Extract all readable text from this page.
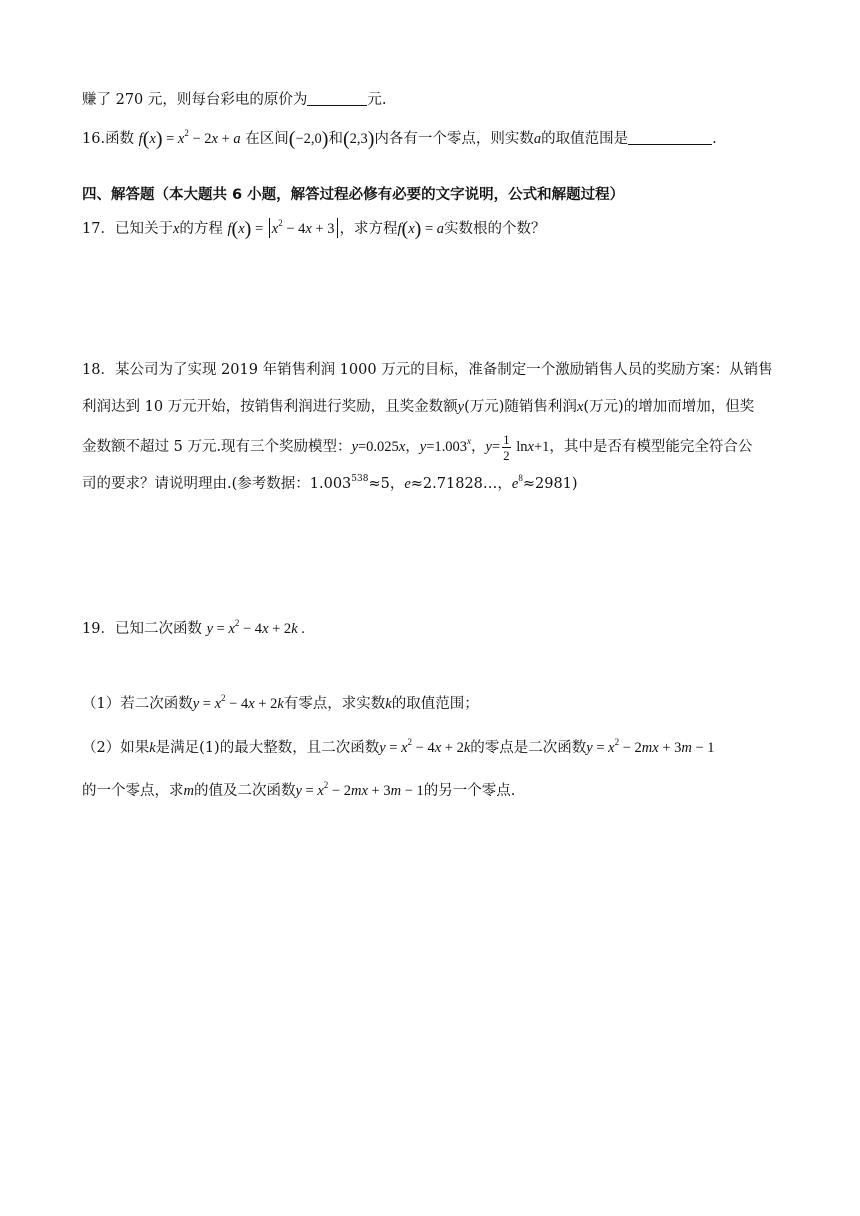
赚了 270 元，则每台彩电的原价为	元.
16.函数 $f(x) = x^2 - 2x + a$ 在区间(−2,0)和(2,3)内各有一个零点，则实数a的取值范围是	.
四、解答题（本大题共 6 小题，解答过程必修有必要的文字说明，公式和解题过程）
17．已知关于x的方程 $f(x) = x^2 - 4x + 3$ ，求方程f(x) = a实数根的个数？
18．某公司为了实现 2019 年销售利润 1000 万元的目标，准备制定一个激励销售人员的奖励方案：从销售
利润达到 10 万元开始，按销售利润进行奖励，且奖金数额y(万元)随销售利润x(万元)的增加而增加，但奖
金数额不超过 5 万元.现有三个奖励模型：y=0.025x，$y=1.003^x$，$y= \frac{1}{2} \ln x+1$，其中是否有模型能完全符合公
司的要求？请说明理由.(参考数据：$1.003^{538}\approx 5$，e≈2.71828…，$e^8\approx 2981$)
19．已知二次函数 $y = x^2 - 4x + 2k$ .
（1）若二次函数$y = x^2 - 4x + 2k$有零点，求实数k的取值范围；
（2）如果k是满足(1)的最大整数，且二次函数$y = x^2 - 4x + 2k$的零点是二次函数$y = x^2 - 2mx + 3m - 1$
的一个零点，求m的值及二次函数$y = x^2 - 2mx + 3m - 1$的另一个零点.
